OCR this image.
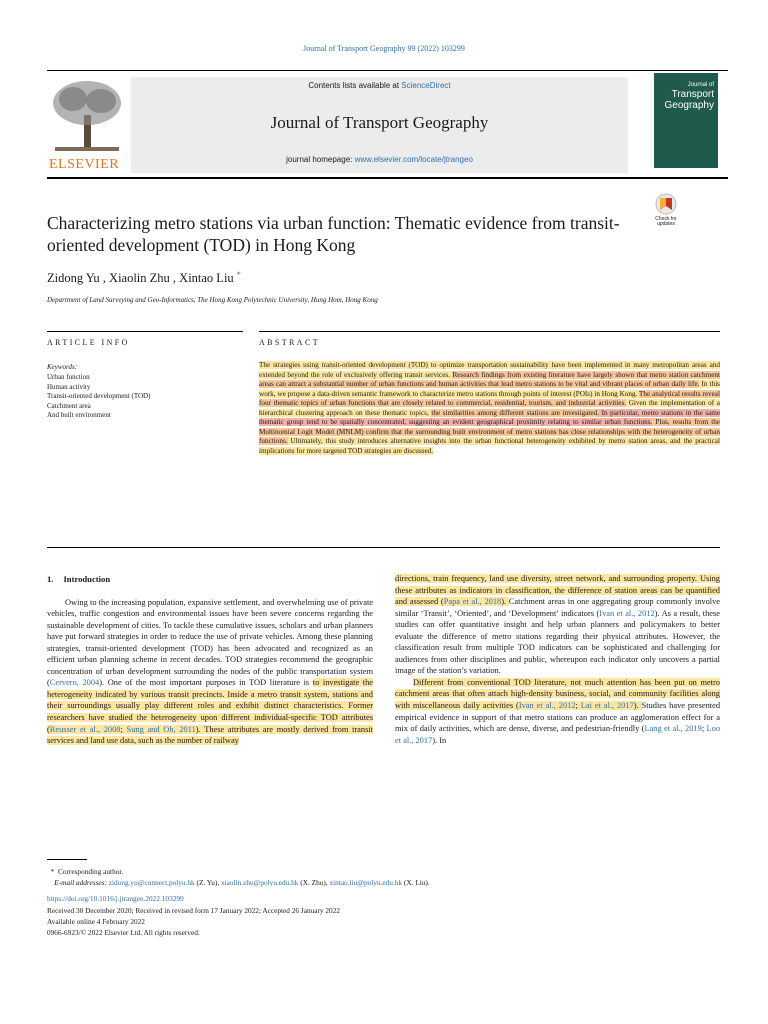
Journal of Transport Geography 99 (2022) 103299
ELSEVIER
Contents lists available at ScienceDirect
Journal of Transport Geography
journal homepage: www.elsevier.com/locate/jtrangeo
Journal of
Transport
Geography
Characterizing metro stations via urban function: Thematic evidence from transit-oriented development (TOD) in Hong Kong
Check for
updates
Zidong Yu , Xiaolin Zhu , Xintao Liu *
Department of Land Surveying and Geo-Informatics, The Hong Kong Polytechnic University, Hung Hom, Hong Kong
ARTICLE INFO	ABSTRACT
Keywords:
Urban function
Human activity
Transit-oriented development (TOD)
Catchment area
And built environment
The strategies using transit-oriented development (TOD) to optimize transportation sustainability have been implemented in many metropolitan areas and extended beyond the role of exclusively offering transit services. Research findings from existing literature have largely shown that metro station catchment areas can attract a substantial number of urban functions and human activities that lead metro stations to be vital and vibrant places of urban daily life. In this work, we propose a data-driven semantic framework to characterize metro stations through points of interest (POIs) in Hong Kong. The analytical results reveal four thematic topics of urban functions that are closely related to commercial, residential, tourism, and industrial activities. Given the implementation of a hierarchical clustering approach on these thematic topics, the similarities among different stations are investigated. In particular, metro stations in the same thematic group tend to be spatially concentrated, suggesting an evident geographical proximity relating to similar urban functions. Plus, results from the Multinomial Logit Model (MNLM) confirm that the surrounding built environment of metro stations has close relationships with the heterogeneity of urban functions. Ultimately, this study introduces alternative insights into the urban functional heterogeneity exhibited by metro station areas, and the practical implications for more targeted TOD strategies are discussed.
1. Introduction

Owing to the increasing population, expansive settlement, and overwhelming use of private vehicles, traffic congestion and environmental issues have been severe concerns regarding the sustainable development of cities. To tackle these cumulative issues, scholars and urban planners have put forward strategies in order to reduce the use of private vehicles. Among these planning strategies, transit-oriented development (TOD) has been advocated and recognized as an efficient urban planning scheme in recent decades. TOD strategies recommend the geographic concentration of urban development surrounding the nodes of the public transportation system (Cervero, 2004). One of the most important purposes in TOD literature is to investigate the heterogeneity indicated by various transit precincts. Inside a metro transit system, stations and their surroundings usually play different roles and exhibit distinct characteristics. Former researchers have studied the heterogeneity upon different individual-specific TOD attributes (Reusser et al., 2008; Sung and Oh, 2011). These attributes are mostly derived from transit services and land use data, such as the number of railway

directions, train frequency, land use diversity, street network, and surrounding property. Using these attributes as indicators in classification, the difference of station areas can be quantified and assessed (Papa et al., 2018). Catchment areas in one aggregating group commonly involve similar ‘Transit’, ‘Oriented’, and ‘Development’ indicators (Ivan et al., 2012). As a result, these studies can offer quantitative insight and help urban planners and policymakers to better evaluate the difference of metro stations regarding their physical attributes. However, the classification result from multiple TOD indicators can be sophisticated and challenging for audiences from other disciplines and public, whereupon each indicator only uncovers a partial image of the station’s variation.

Different from conventional TOD literature, not much attention has been put on metro catchment areas that often attach high-density business, social, and community facilities along with miscellaneous daily activities (Ivan et al., 2012; Lai et al., 2017). Studies have presented empirical evidence in support of that metro stations can produce an agglomeration effect for a mix of daily activities, which are dense, diverse, and pedestrian-friendly (Lang et al., 2019; Loo et al., 2017). In

* Corresponding author.
E-mail addresses: zidong.yu@connect.polyu.hk (Z. Yu), xiaolin.zhu@polyu.edu.hk (X. Zhu), xintao.liu@polyu.edu.hk (X. Liu).
https://doi.org/10.1016/j.jtrangeo.2022.103299
Received 30 December 2020; Received in revised form 17 January 2022; Accepted 26 January 2022
Available online 4 February 2022
0966-6923/© 2022 Elsevier Ltd. All rights reserved.
